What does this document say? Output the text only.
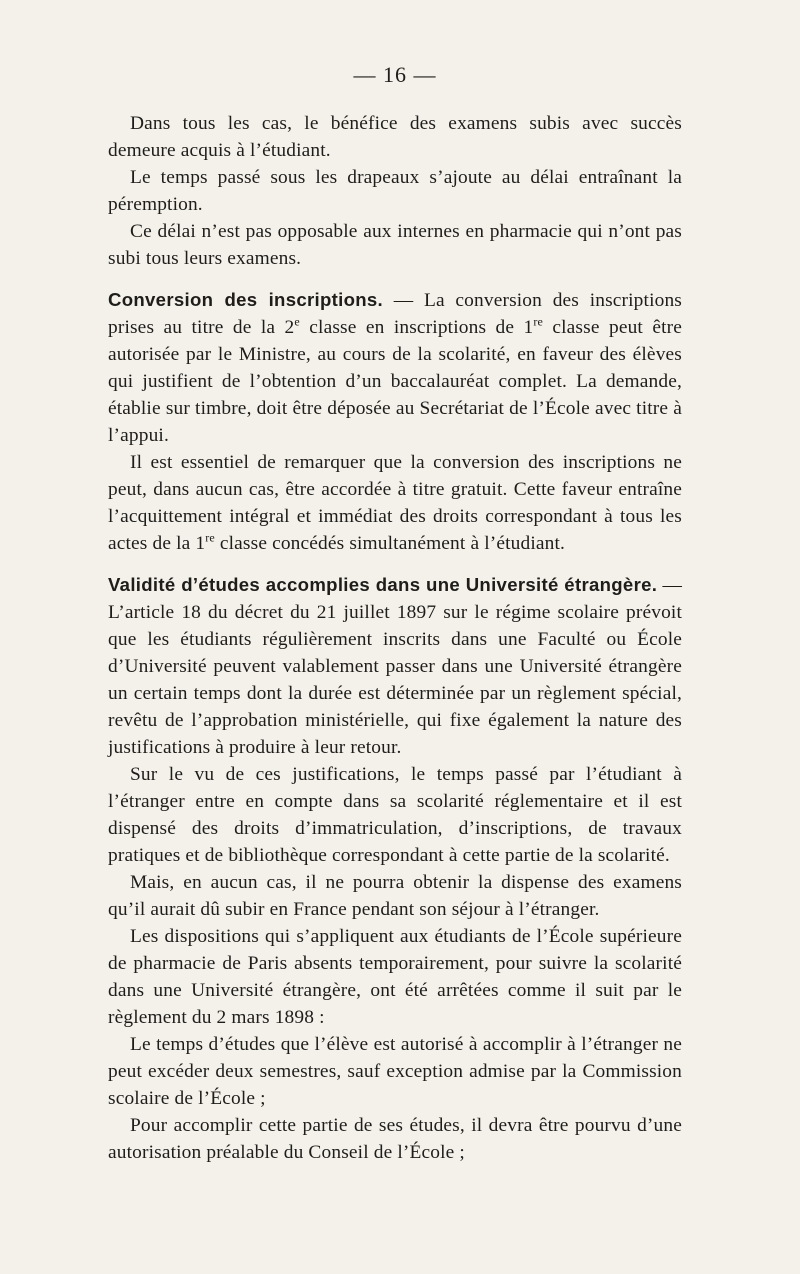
— 16 —

Dans tous les cas, le bénéfice des examens subis avec succès demeure acquis à l’étudiant.

Le temps passé sous les drapeaux s’ajoute au délai entraînant la péremption.

Ce délai n’est pas opposable aux internes en pharmacie qui n’ont pas subi tous leurs examens.

Conversion des inscriptions. — La conversion des inscriptions prises au titre de la 2e classe en inscriptions de 1re classe peut être autorisée par le Ministre, au cours de la scolarité, en faveur des élèves qui justifient de l’obtention d’un baccalauréat complet. La demande, établie sur timbre, doit être déposée au Secrétariat de l’École avec titre à l’appui.

Il est essentiel de remarquer que la conversion des inscriptions ne peut, dans aucun cas, être accordée à titre gratuit. Cette faveur entraîne l’acquittement intégral et immédiat des droits correspondant à tous les actes de la 1re classe concédés simultanément à l’étudiant.

Validité d’études accomplies dans une Université étrangère. — L’article 18 du décret du 21 juillet 1897 sur le régime scolaire prévoit que les étudiants régulièrement inscrits dans une Faculté ou École d’Université peuvent valablement passer dans une Université étrangère un certain temps dont la durée est déterminée par un règlement spécial, revêtu de l’approbation ministérielle, qui fixe également la nature des justifications à produire à leur retour.

Sur le vu de ces justifications, le temps passé par l’étudiant à l’étranger entre en compte dans sa scolarité réglementaire et il est dispensé des droits d’immatriculation, d’inscriptions, de travaux pratiques et de bibliothèque correspondant à cette partie de la scolarité.

Mais, en aucun cas, il ne pourra obtenir la dispense des examens qu’il aurait dû subir en France pendant son séjour à l’étranger.

Les dispositions qui s’appliquent aux étudiants de l’École supérieure de pharmacie de Paris absents temporairement, pour suivre la scolarité dans une Université étrangère, ont été arrêtées comme il suit par le règlement du 2 mars 1898 :

Le temps d’études que l’élève est autorisé à accomplir à l’étranger ne peut excéder deux semestres, sauf exception admise par la Commission scolaire de l’École ;

Pour accomplir cette partie de ses études, il devra être pourvu d’une autorisation préalable du Conseil de l’École ;
